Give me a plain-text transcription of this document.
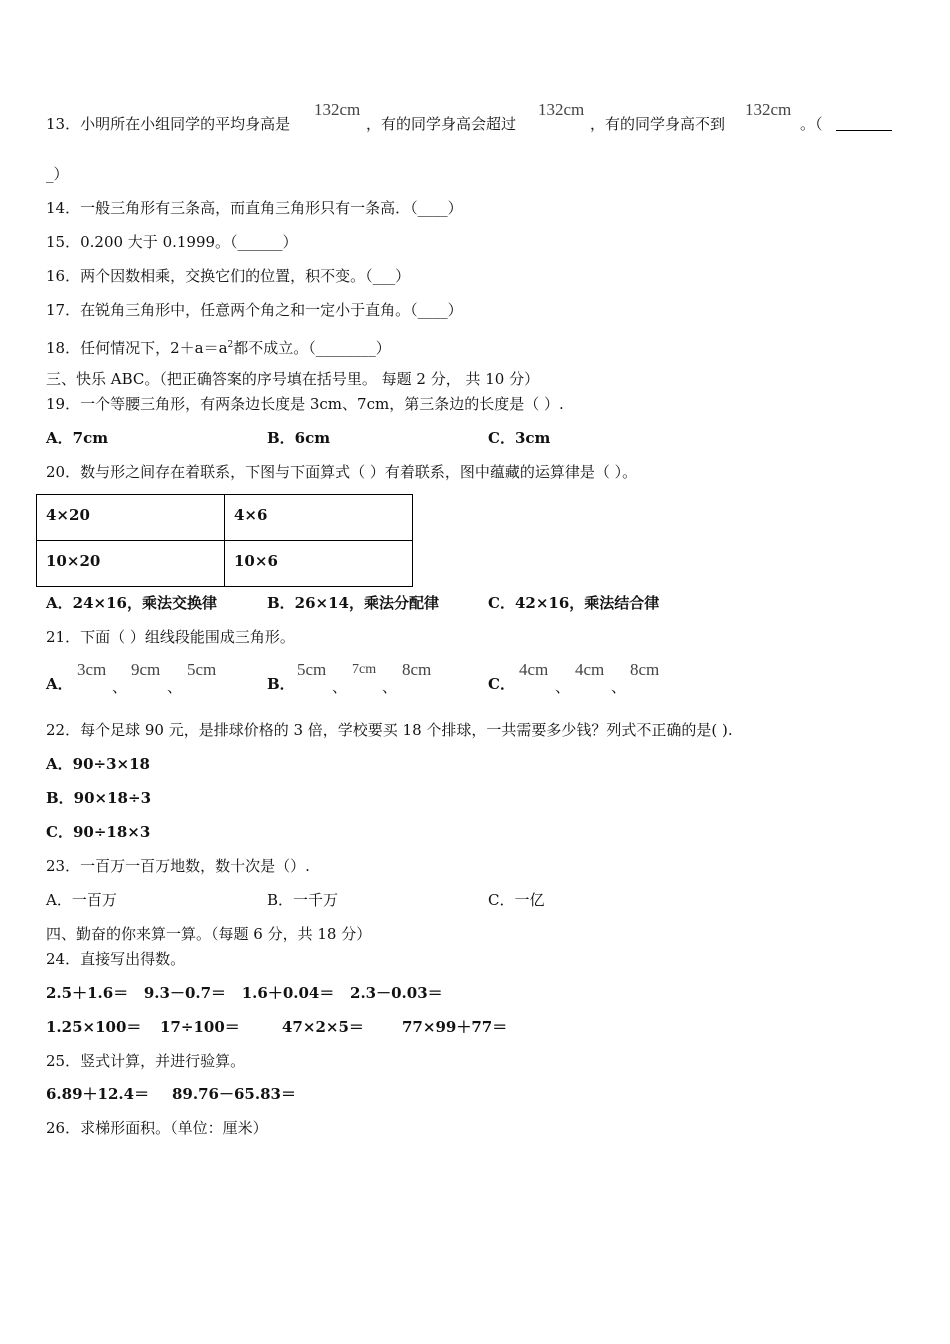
13．小明所在小组同学的平均身高是
132cm
，有的同学身高会超过
132cm
，有的同学身高不到
132cm
。（
_）
14．一般三角形有三条高，而直角三角形只有一条高．（____）
15．0.200 大于 0.1999。（______）
16．两个因数相乘，交换它们的位置，积不变。（___）
17．在锐角三角形中，任意两个角之和一定小于直角。（____）
18．任何情况下，$2+a=a^2$都不成立。（________）
三、快乐 ABC。（把正确答案的序号填在括号里。 每题 2 分， 共 10 分）
19．一个等腰三角形，有两条边长度是 3cm、7cm，第三条边的长度是（ ）.
A．7cm	B．6cm	C．3cm
20．数与形之间存在着联系，下图与下面算式（ ）有着联系，图中蕴藏的运算律是（ ）。
4×20	4×6

10×20	10×6
A．24×16，乘法交换律	B．26×14，乘法分配律	C．42×16，乘法结合律
21．下面（ ）组线段能围成三角形。
A．
3cm
、
9cm
、
5cm
B．
5cm
、
7cm
、
8cm
C．
4cm
、
4cm
、
8cm
22．每个足球 90 元，是排球价格的 3 倍，学校要买 18 个排球，一共需要多少钱？列式不正确的是( ).
A．90÷3×18
B．90×18÷3
C．90÷18×3
23．一百万一百万地数，数十次是（）.
A．一百万	B．一千万	C．一亿
四、勤奋的你来算一算。（每题 6 分，共 18 分）
24．直接写出得数。
2.5＋1.6＝   9.3－0.7＝   1.6＋0.04＝   2.3－0.03＝
1.25×100＝ 17÷100＝	47×2×5＝	77×99＋77＝
25．竖式计算，并进行验算。
6.89＋12.4＝ 89.76－65.83＝
26．求梯形面积。（单位：厘米）
